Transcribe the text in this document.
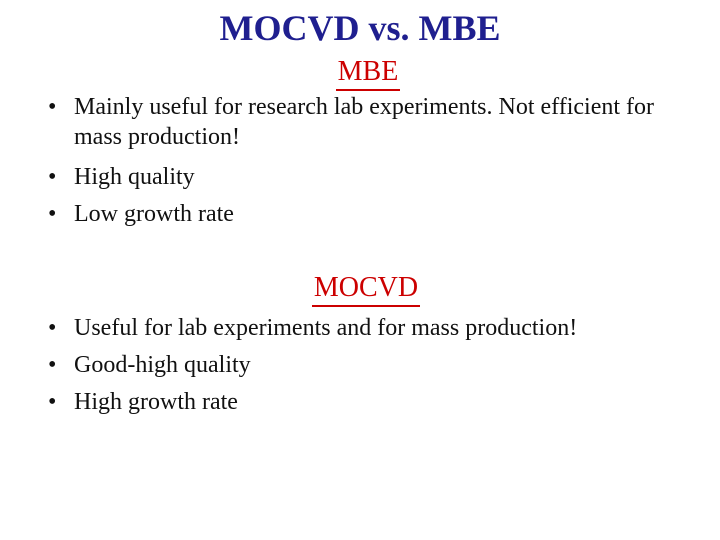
MOCVD vs. MBE
MBE
• Mainly useful for research lab experiments. Not efficient for mass production!
• High quality
• Low growth rate
MOCVD
• Useful for lab experiments and for mass production!
• Good-high quality
• High growth rate
